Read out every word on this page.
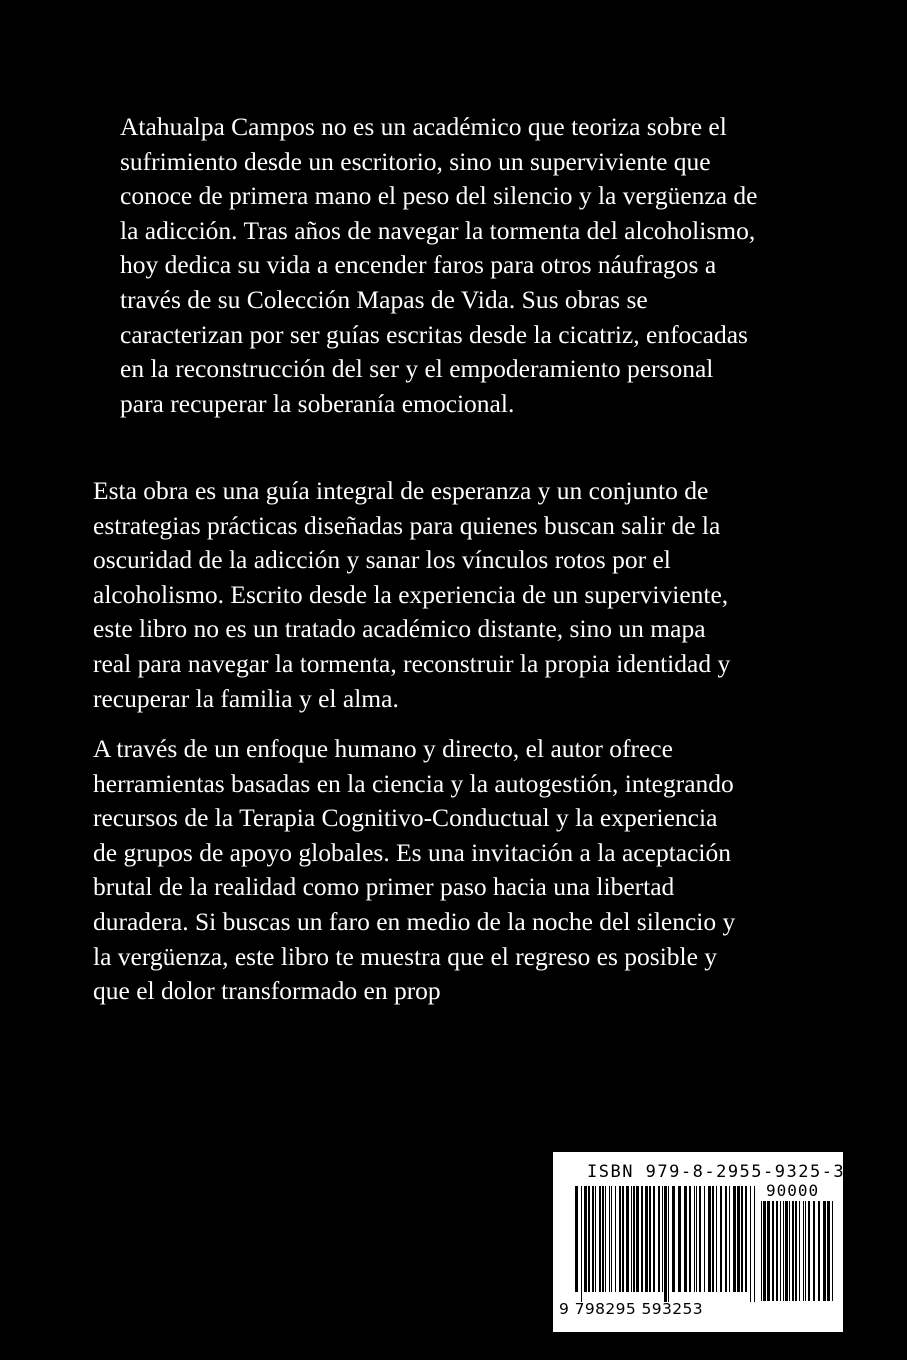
Atahualpa Campos no es un académico que teoriza sobre el
sufrimiento desde un escritorio, sino un superviviente que
conoce de primera mano el peso del silencio y la vergüenza de
la adicción. Tras años de navegar la tormenta del alcoholismo,
hoy dedica su vida a encender faros para otros náufragos a
través de su Colección Mapas de Vida. Sus obras se
caracterizan por ser guías escritas desde la cicatriz, enfocadas
en la reconstrucción del ser y el empoderamiento personal
para recuperar la soberanía emocional.

Esta obra es una guía integral de esperanza y un conjunto de
estrategias prácticas diseñadas para quienes buscan salir de la
oscuridad de la adicción y sanar los vínculos rotos por el
alcoholismo. Escrito desde la experiencia de un superviviente,
este libro no es un tratado académico distante, sino un mapa
real para navegar la tormenta, reconstruir la propia identidad y
recuperar la familia y el alma.

A través de un enfoque humano y directo, el autor ofrece
herramientas basadas en la ciencia y la autogestión, integrando
recursos de la Terapia Cognitivo-Conductual y la experiencia
de grupos de apoyo globales. Es una invitación a la aceptación
brutal de la realidad como primer paso hacia una libertad
duradera. Si buscas un faro en medio de la noche del silencio y
la vergüenza, este libro te muestra que el regreso es posible y
que el dolor transformado en prop

ISBN 979-8-2955-9325-3
90000
9 798295 593253
